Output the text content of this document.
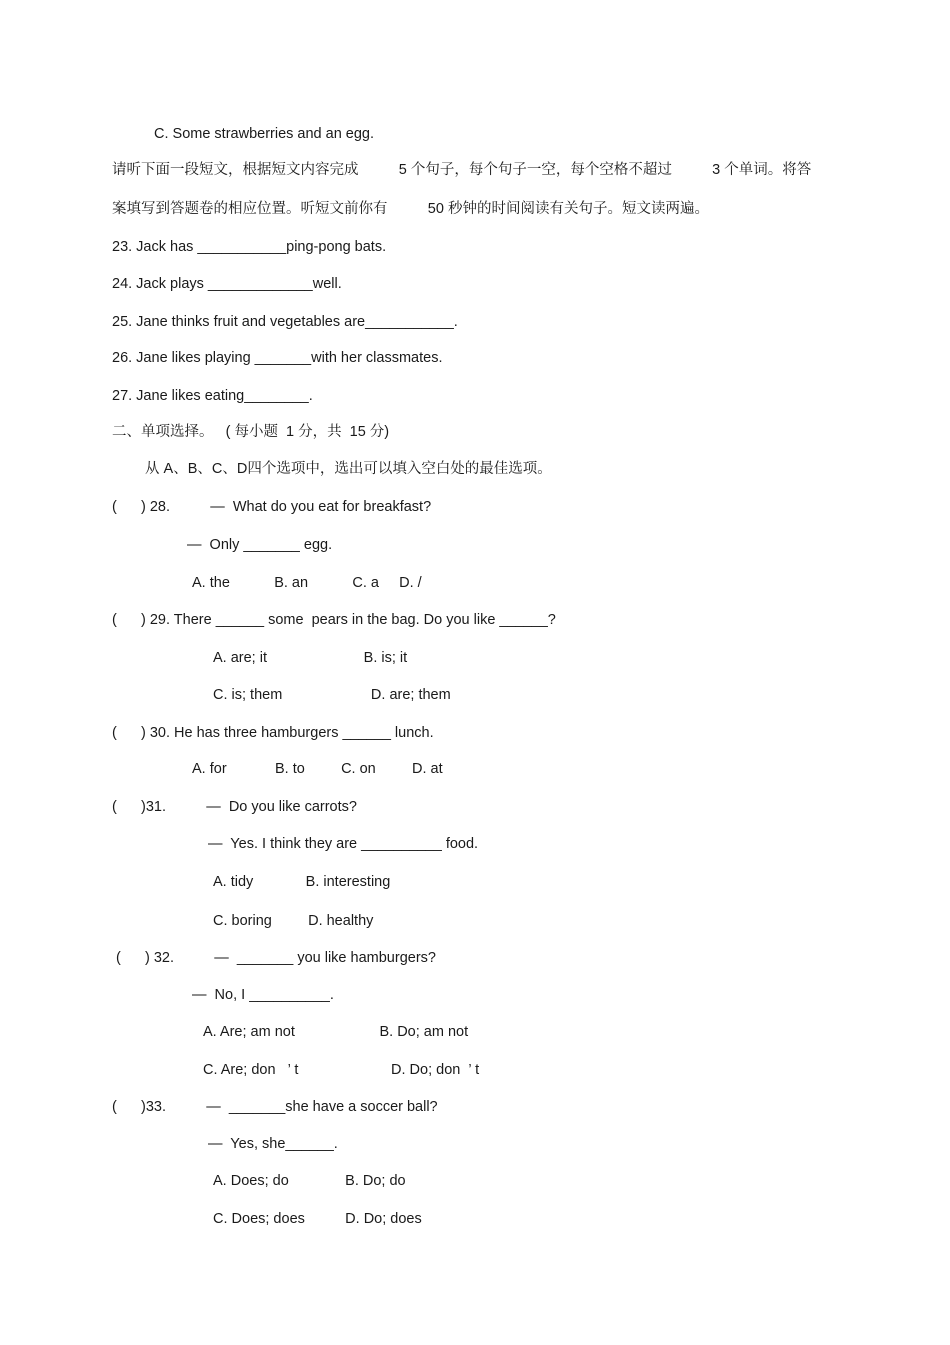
C. Some strawberries and an egg.
请听下面一段短文，根据短文内容完成          5 个句子，每个句子一空，每个空格不超过          3 个单词。将答
案填写到答题卷的相应位置。听短文前你有          50 秒钟的时间阅读有关句子。短文读两遍。
23. Jack has ___________ping-pong bats.
24. Jack plays _____________well.
25. Jane thinks fruit and vegetables are___________.
26. Jane likes playing _______with her classmates.
27. Jane likes eating________.
二、单项选择。   ( 每小题  1 分，共  15 分)
从 A、B、C、D四个选项中，选出可以填入空白处的最佳选项。
(      ) 28.          —  What do you eat for breakfast?
—  Only _______ egg.
A. the           B. an           C. a     D. /
(      ) 29. There ______ some  pears in the bag. Do you like ______?
A. are; it                        B. is; it
C. is; them                      D. are; them
(      ) 30. He has three hamburgers ______ lunch.
A. for            B. to         C. on         D. at
(      )31.          —  Do you like carrots?
—  Yes. I think they are __________ food.
A. tidy             B. interesting
C. boring         D. healthy
(      ) 32.          —  _______ you like hamburgers?
—  No, I __________.
A. Are; am not                     B. Do; am not
C. Are; don   ’ t                       D. Do; don  ’ t
(      )33.          —  _______she have a soccer ball?
—  Yes, she______.
A. Does; do              B. Do; do
C. Does; does          D. Do; does
